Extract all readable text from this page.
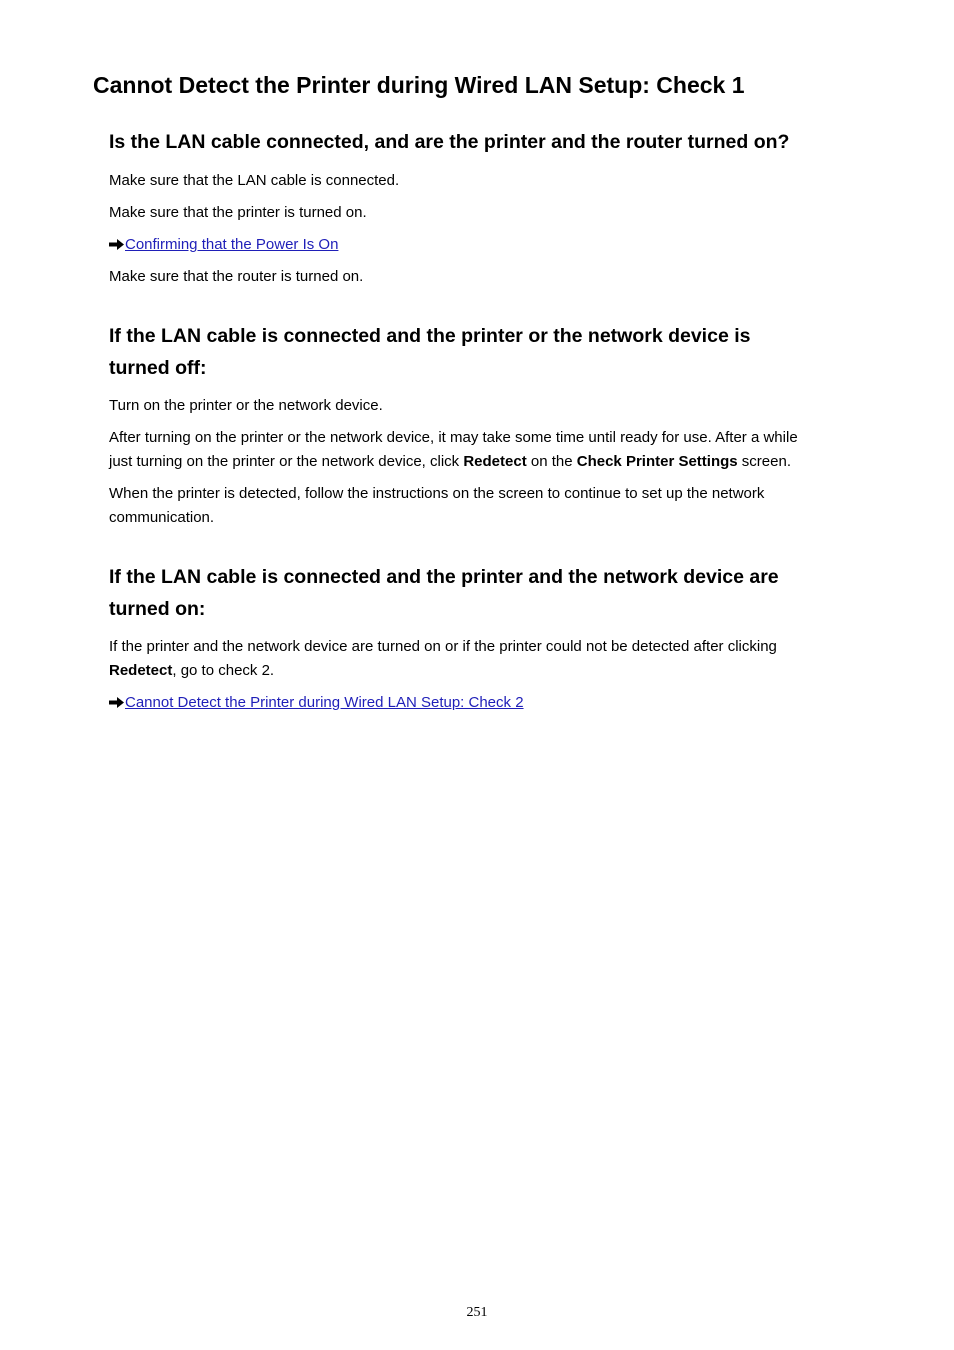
Cannot Detect the Printer during Wired LAN Setup: Check 1
Is the LAN cable connected, and are the printer and the router turned on?

Make sure that the LAN cable is connected.

Make sure that the printer is turned on.

Confirming that the Power Is On

Make sure that the router is turned on.

If the LAN cable is connected and the printer or the network device is
turned off:

Turn on the printer or the network device.

After turning on the printer or the network device, it may take some time until ready for use. After a while
just turning on the printer or the network device, click Redetect on the Check Printer Settings screen.

When the printer is detected, follow the instructions on the screen to continue to set up the network
communication.

If the LAN cable is connected and the printer and the network device are
turned on:

If the printer and the network device are turned on or if the printer could not be detected after clicking
Redetect, go to check 2.

Cannot Detect the Printer during Wired LAN Setup: Check 2

251
